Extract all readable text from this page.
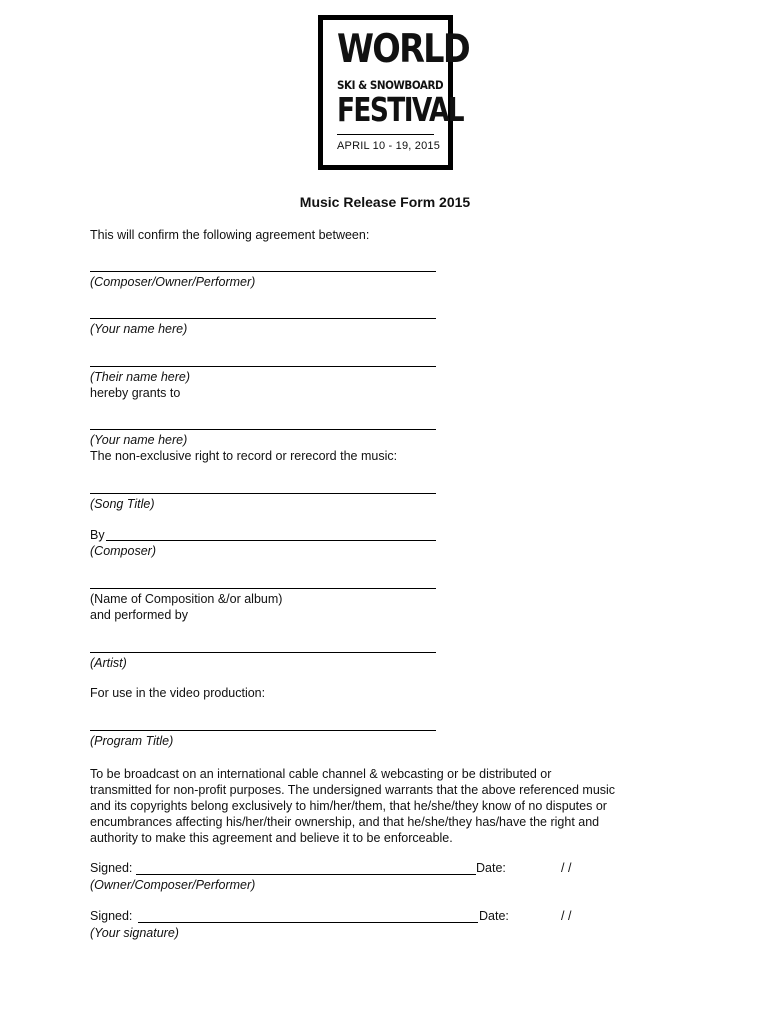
WORLD
SKI & SNOWBOARD
FESTIVAL
APRIL 10 - 19, 2015
Music Release Form 2015
This will confirm the following agreement between:
(Composer/Owner/Performer)
(Your name here)
(Their name here)
hereby grants to
(Your name here)
The non-exclusive right to record or rerecord the music:
(Song Title)
By
(Composer)
(Name of Composition &/or album)
and performed by
(Artist)
For use in the video production:
(Program Title)
To be broadcast on an international cable channel & webcasting or be distributed or
transmitted for non-profit purposes. The undersigned warrants that the above referenced music
and its copyrights belong exclusively to him/her/them, that he/she/they know of no disputes or
encumbrances affecting his/her/their ownership, and that he/she/they has/have the right and
authority to make this agreement and believe it to be enforceable.
Signed:	Date:	/ /
(Owner/Composer/Performer)
Signed:	Date:	/ /
(Your signature)
